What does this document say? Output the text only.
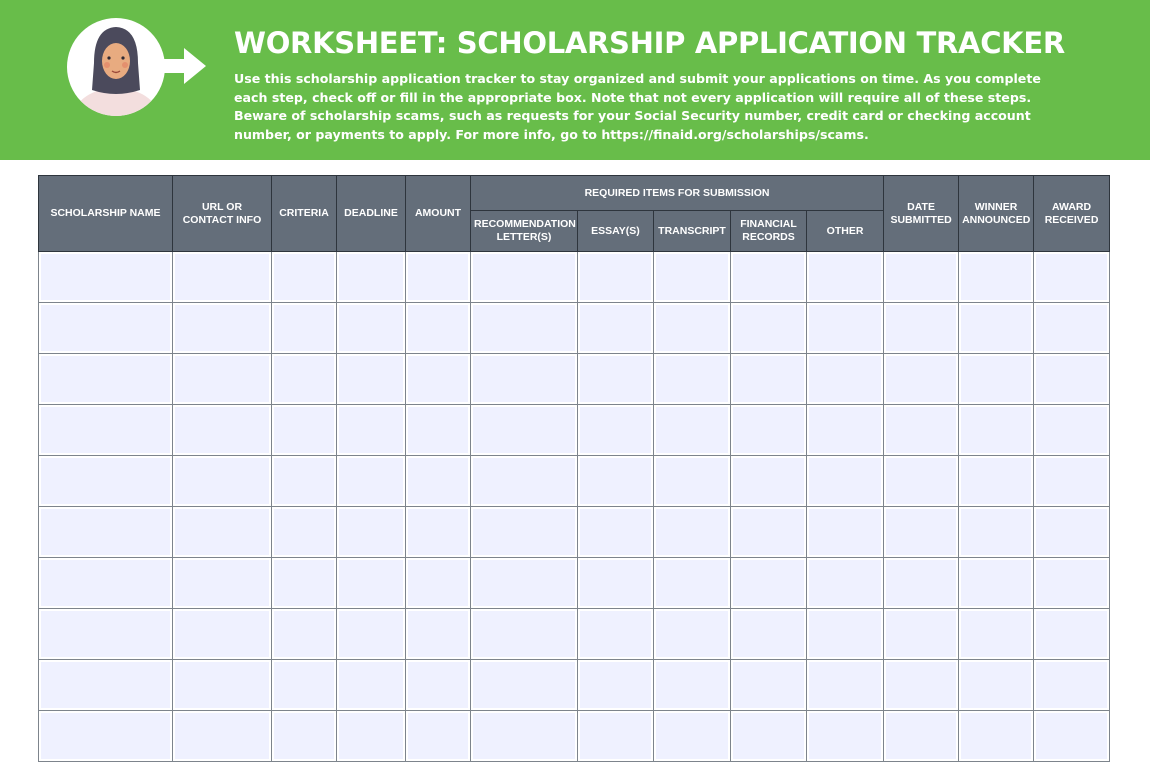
WORKSHEET: SCHOLARSHIP APPLICATION TRACKER

Use this scholarship application tracker to stay organized and submit your applications on time. As you complete each step, check off or fill in the appropriate box. Note that not every application will require all of these steps. Beware of scholarship scams, such as requests for your Social Security number, credit card or checking account number, or payments to apply. For more info, go to https://finaid.org/scholarships/scams.

SCHOLARSHIP NAME	URL OR CONTACT INFO	CRITERIA	DEADLINE	AMOUNT	REQUIRED ITEMS FOR SUBMISSION					DATE SUBMITTED	WINNER ANNOUNCED	AWARD RECEIVED
					RECOMMENDATION LETTER(S)	ESSAY(S)	TRANSCRIPT	FINANCIAL RECORDS	OTHER			
